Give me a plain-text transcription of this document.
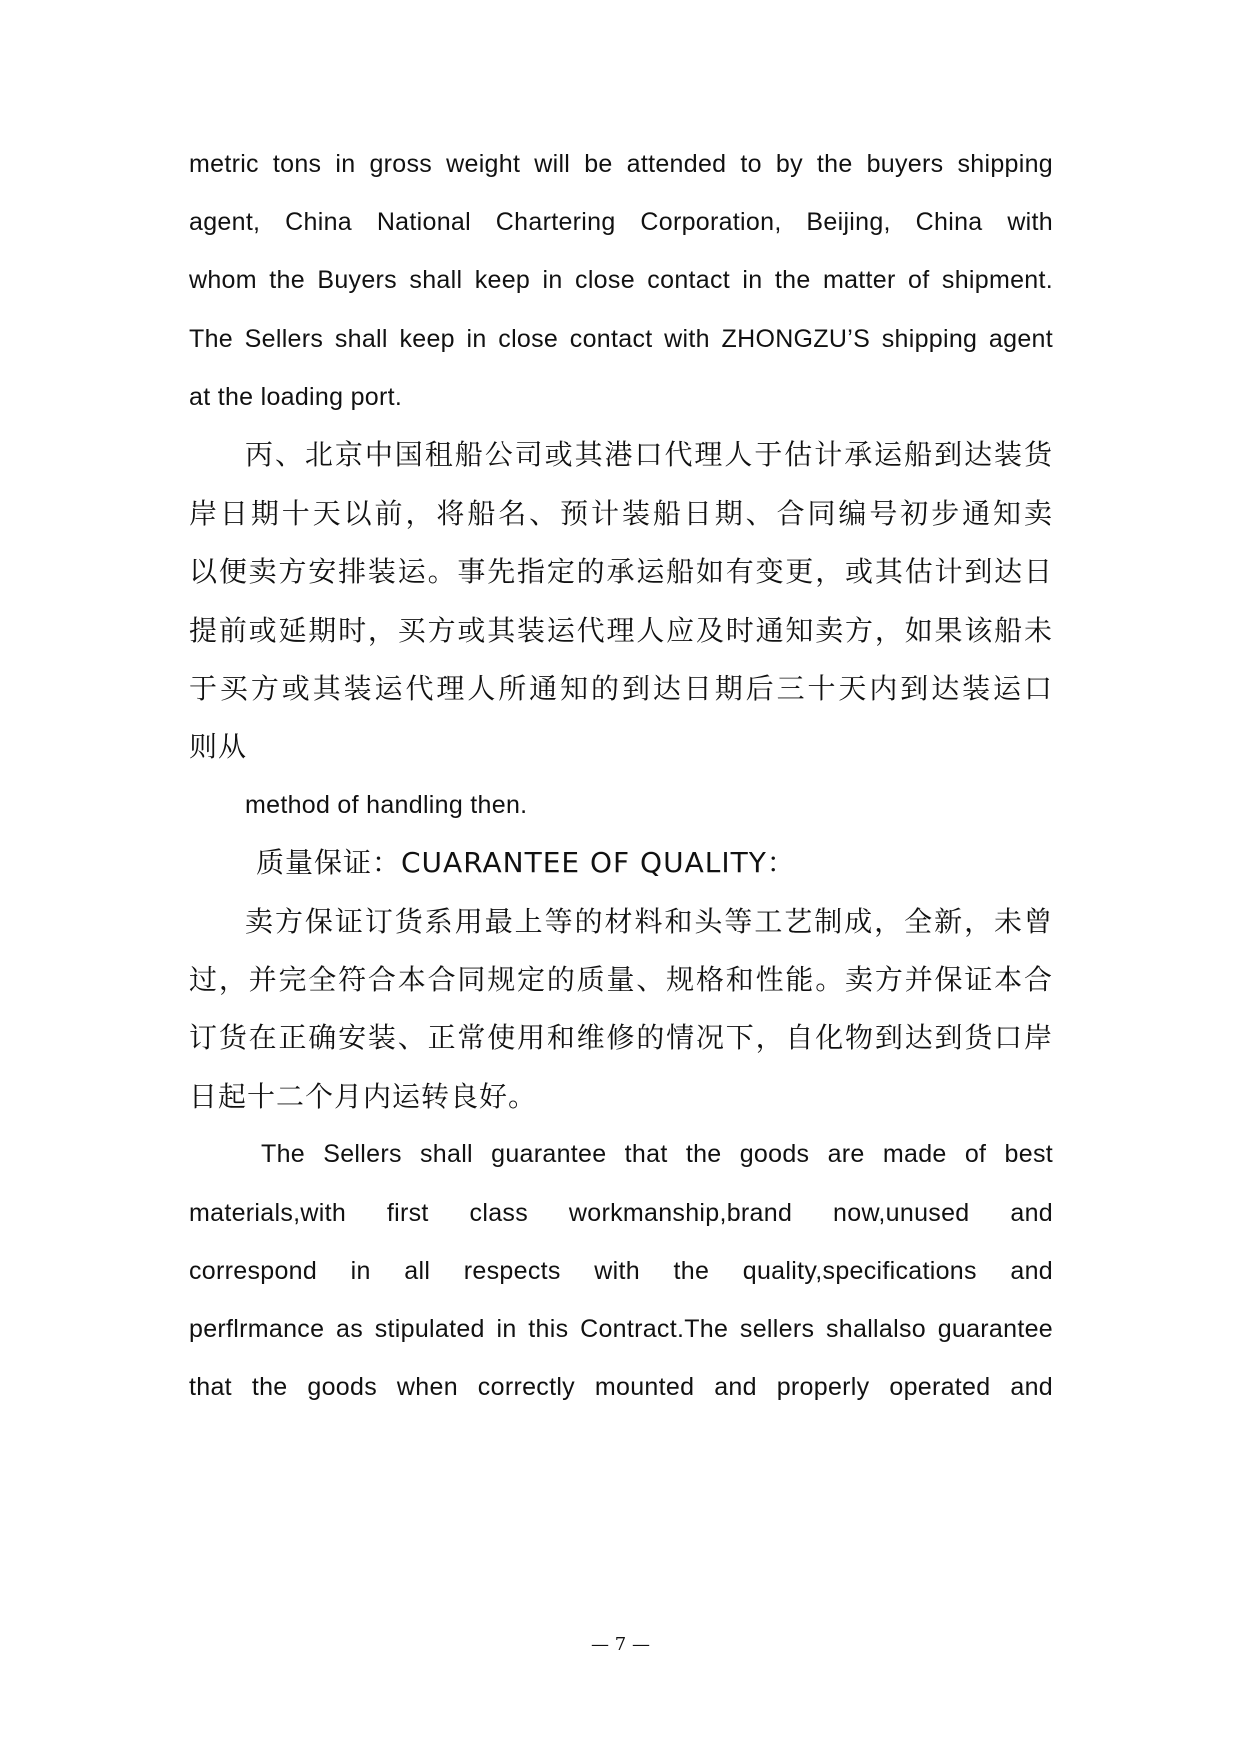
metric tons in gross weight will be attended to by the buyers shipping

agent, China National Chartering Corporation, Beijing, China with

whom the Buyers shall keep in close contact in the matter of shipment.

The Sellers shall keep in close contact with ZHONGZU’S shipping agent

at the loading port.

丙、北京中国租船公司或其港口代理人于估计承运船到达装货

岸日期十天以前，将船名、预计装船日期、合同编号初步通知卖

以便卖方安排装运。事先指定的承运船如有变更，或其估计到达日

提前或延期时，买方或其装运代理人应及时通知卖方，如果该船未

于买方或其装运代理人所通知的到达日期后三十天内到达装运口

则从

method of handling then.

质量保证：CUARANTEE OF QUALITY：

卖方保证订货系用最上等的材料和头等工艺制成，全新，未曾

过，并完全符合本合同规定的质量、规格和性能。卖方并保证本合

订货在正确安装、正常使用和维修的情况下，自化物到达到货口岸

日起十二个月内运转良好。

The Sellers shall guarantee that the goods are made of best

materials,with first class workmanship,brand now,unused and

correspond in all respects with the quality,specifications and

perflrmance as stipulated in this Contract.The sellers shallalso guarantee

that the goods when correctly mounted and properly operated and

— 7 —
